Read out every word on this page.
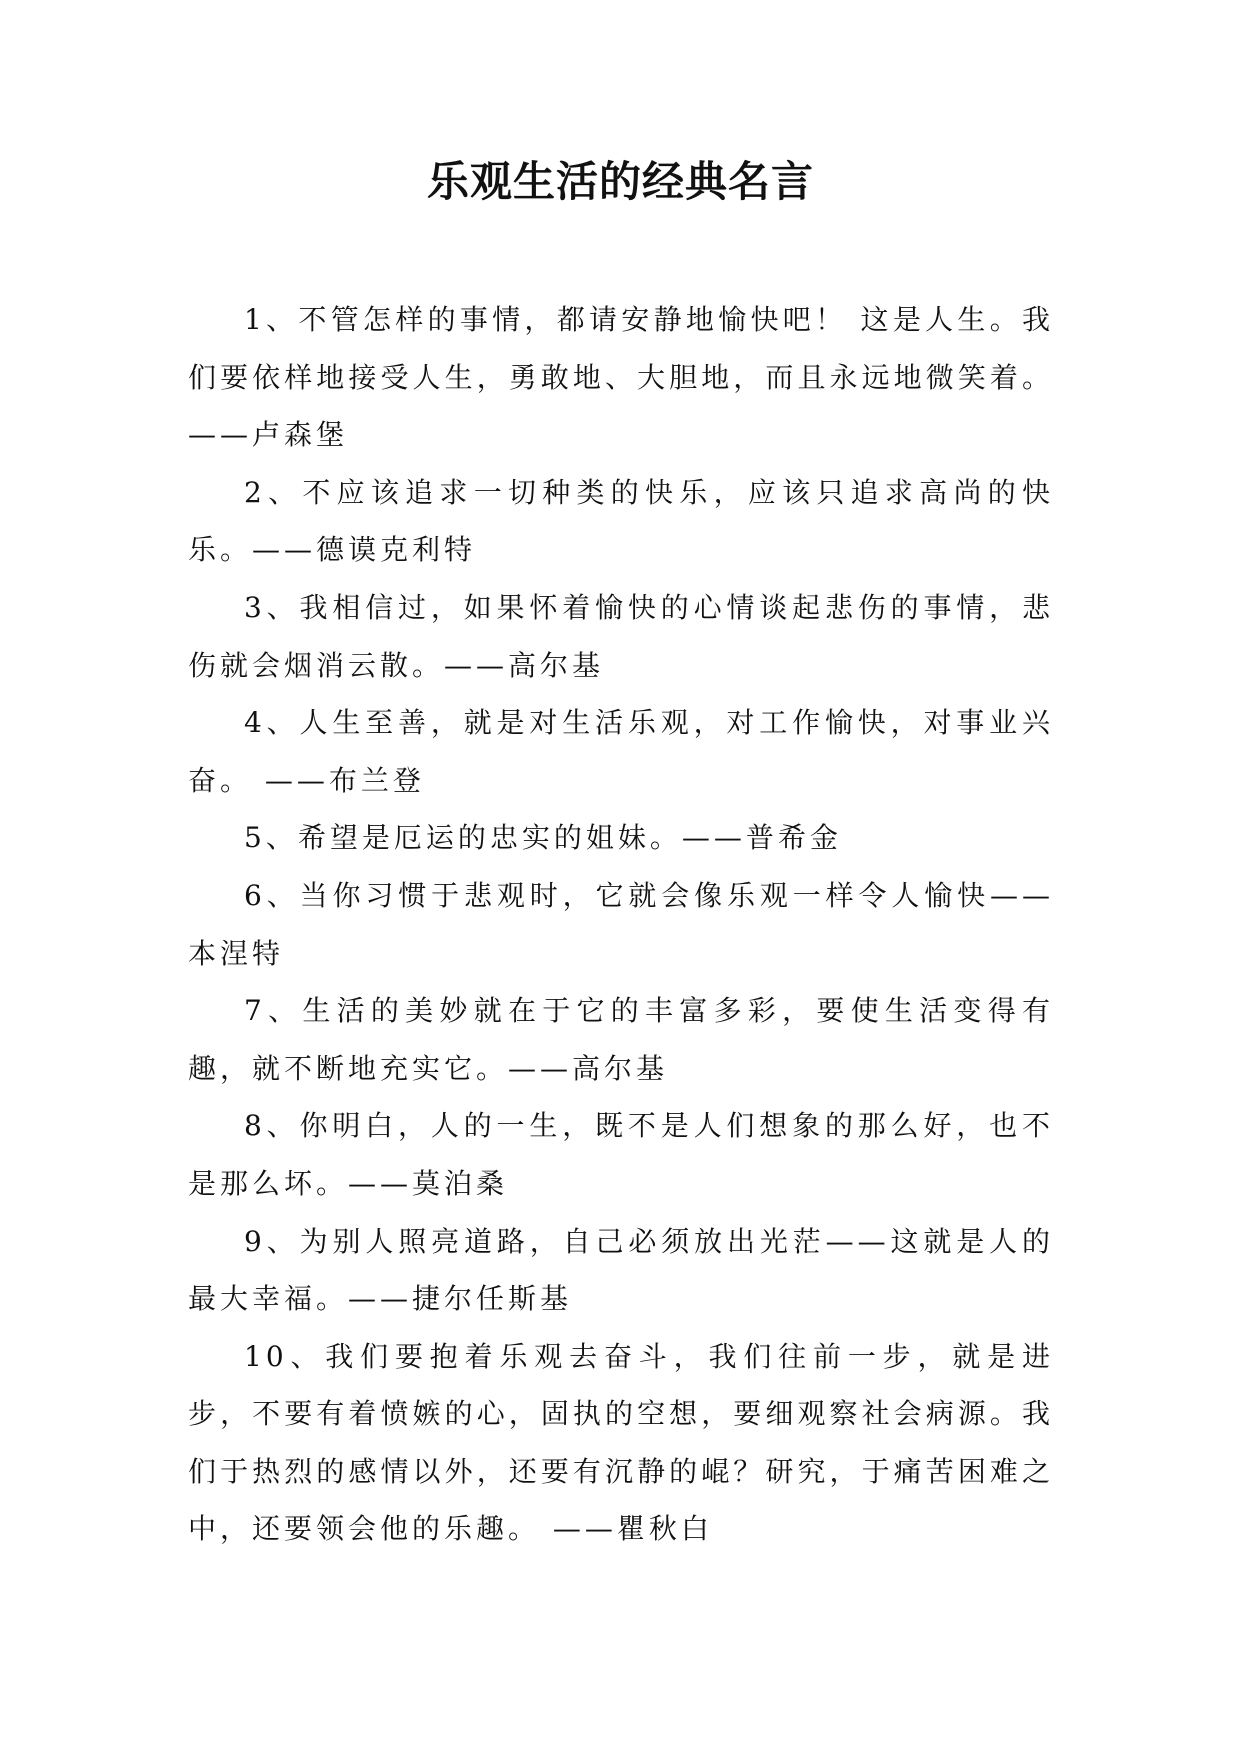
乐观生活的经典名言

1、不管怎样的事情，都请安静地愉快吧！ 这是人生。我们要依样地接受人生，勇敢地、大胆地，而且永远地微笑着。——卢森堡

2、不应该追求一切种类的快乐，应该只追求高尚的快乐。——德谟克利特

3、我相信过，如果怀着愉快的心情谈起悲伤的事情，悲伤就会烟消云散。——高尔基

4、人生至善，就是对生活乐观，对工作愉快，对事业兴奋。 ——布兰登

5、希望是厄运的忠实的姐妹。——普希金

6、当你习惯于悲观时，它就会像乐观一样令人愉快——本涅特

7、生活的美妙就在于它的丰富多彩，要使生活变得有趣，就不断地充实它。——高尔基

8、你明白，人的一生，既不是人们想象的那么好，也不是那么坏。——莫泊桑

9、为别人照亮道路，自己必须放出光茫——这就是人的最大幸福。——捷尔任斯基

10、我们要抱着乐观去奋斗，我们往前一步，就是进步，不要有着愤嫉的心，固执的空想，要细观察社会病源。我们于热烈的感情以外，还要有沉静的崐？研究，于痛苦困难之中，还要领会他的乐趣。 ——瞿秋白
